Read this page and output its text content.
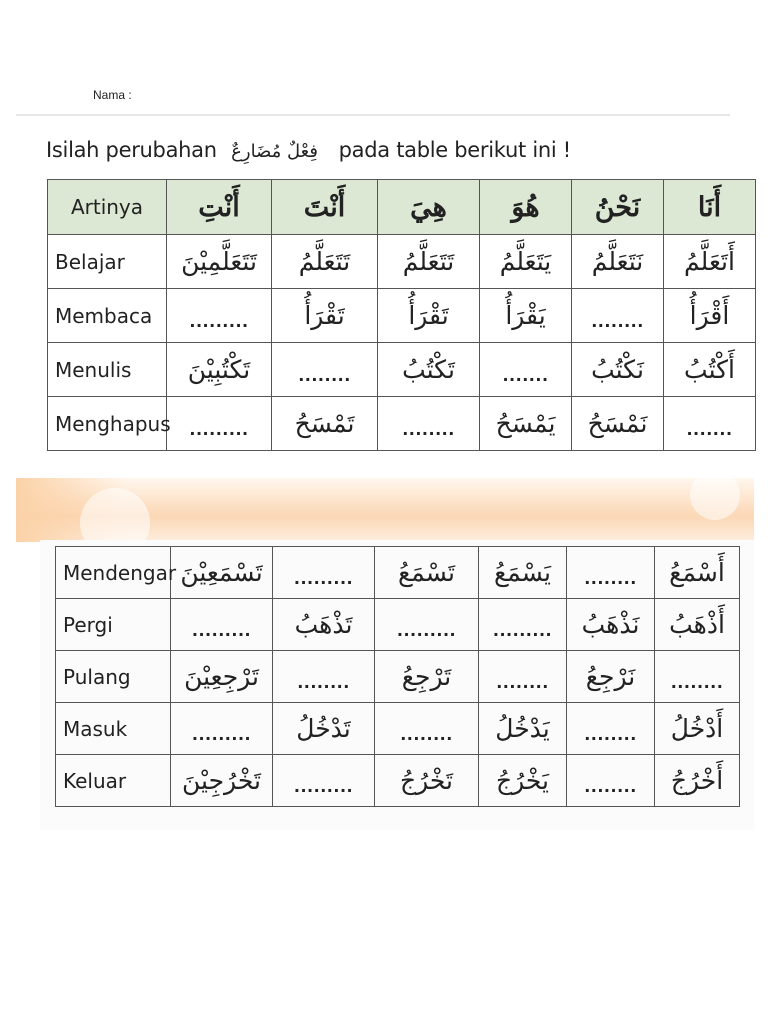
Nama :
Isilah perubahan فِعْلٌ مُضَارِعٌ pada table berikut ini !
Artinya	أَنْتِ	أَنْتَ	هِيَ	هُوَ	نَحْنُ	أَنَا
Belajar	تَتَعَلَّمِيْنَ	تَتَعَلَّمُ	تَتَعَلَّمُ	يَتَعَلَّمُ	نَتَعَلَّمُ	أَتَعَلَّمُ
Membaca	.........	تَقْرَأُ	تَقْرَأُ	يَقْرَأُ	........	أَقْرَأُ
Menulis	تَكْتُبِيْنَ	........	تَكْتُبُ	.......	نَكْتُبُ	أَكْتُبُ
Menghapus	.........	تَمْسَحُ	........	يَمْسَحُ	نَمْسَحُ	.......
Mendengar	تَسْمَعِيْنَ	.........	تَسْمَعُ	يَسْمَعُ	........	أَسْمَعُ
Pergi	.........	تَذْهَبُ	.........	.........	نَذْهَبُ	أَذْهَبُ
Pulang	تَرْجِعِيْنَ	........	تَرْجِعُ	........	نَرْجِعُ	........
Masuk	.........	تَدْخُلُ	........	يَدْخُلُ	........	أَدْخُلُ
Keluar	تَخْرُجِيْنَ	.........	تَخْرُجُ	يَخْرُجُ	........	أَخْرُجُ
